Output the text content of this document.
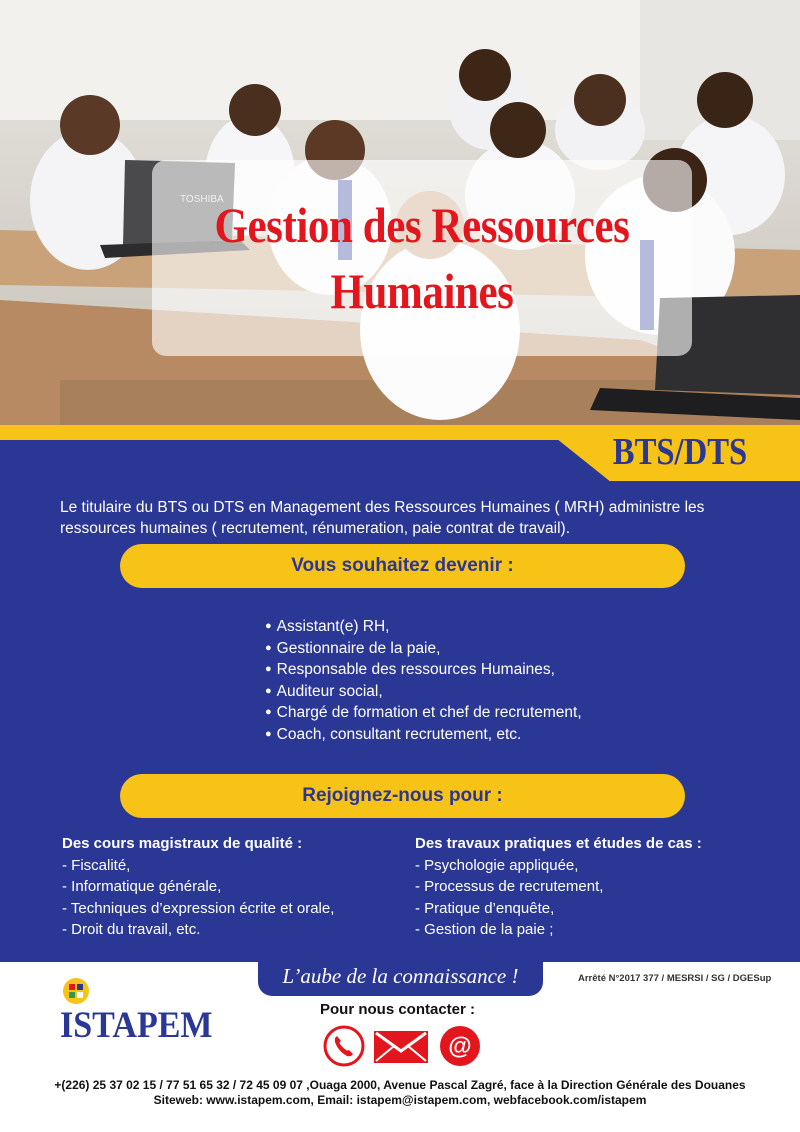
Gestion des Ressources
Humaines
BTS/DTS

Le titulaire du BTS ou DTS en Management des Ressources Humaines ( MRH) administre les ressources humaines ( recrutement, rénumeration, paie contrat de travail).

Vous souhaitez devenir :
● Assistant(e) RH,
● Gestionnaire de la paie,
● Responsable des ressources Humaines,
● Auditeur social,
● Chargé de formation et chef de recrutement,
● Coach, consultant recrutement, etc.
Rejoignez-nous pour :
Des cours magistraux de qualité :
- Fiscalité,
- Informatique générale,
- Techniques d’expression écrite et orale,
- Droit du travail, etc.
Des travaux pratiques et études de cas :
- Psychologie appliquée,
- Processus de recrutement,
- Pratique d’enquête,
- Gestion de la paie ;
L’aube de la connaissance !	Arrêté N°2017 377 / MESRSI / SG / DGESup
ISTAPEM	Pour nous contacter :
@
+(226) 25 37 02 15 / 77 51 65 32 / 72 45 09 07 ,Ouaga 2000, Avenue Pascal Zagré, face à la Direction Générale des Douanes
Siteweb: www.istapem.com, Email: istapem@istapem.com, webfacebook.com/istapem
